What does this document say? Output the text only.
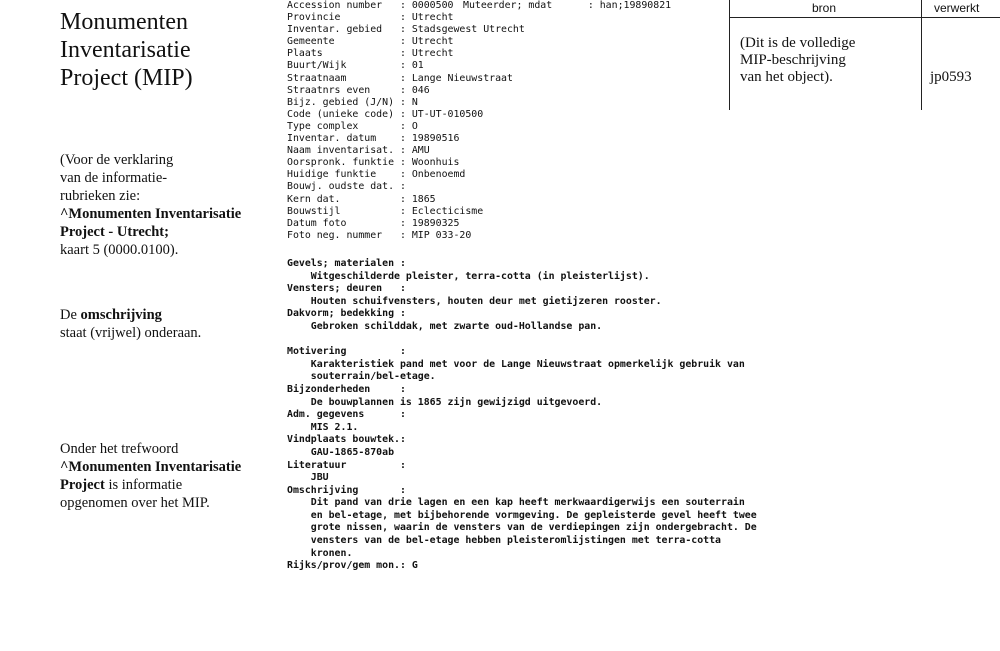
Monumenten
Inventarisatie
Project (MIP)
(Voor de verklaring
van de informatie-
rubrieken zie:
^Monumenten Inventarisatie
Project - Utrecht;
kaart 5 (0000.0100).
De omschrijving
staat (vrijwel) onderaan.
Onder het trefwoord
^Monumenten Inventarisatie
Project is informatie
opgenomen over het MIP.
Accession number   : 0000500
Provincie          : Utrecht
Inventar. gebied   : Stadsgewest Utrecht
Gemeente           : Utrecht
Plaats             : Utrecht
Buurt/Wijk         : 01
Straatnaam         : Lange Nieuwstraat
Straatnrs even     : 046
Bijz. gebied (J/N) : N
Code (unieke code) : UT-UT-010500
Type complex       : O
Inventar. datum    : 19890516
Naam inventarisat. : AMU
Oorspronk. funktie : Woonhuis
Huidige funktie    : Onbenoemd
Bouwj. oudste dat. :
Kern dat.          : 1865
Bouwstijl          : Eclecticisme
Datum foto         : 19890325
Foto neg. nummer   : MIP 033-20
Muteerder; mdat      : han;19890821
Gevels; materialen :
Witgeschilderde pleister, terra-cotta (in pleisterlijst).
Vensters; deuren   :
Houten schuifvensters, houten deur met gietijzeren rooster.
Dakvorm; bedekking :
Gebroken schilddak, met zwarte oud-Hollandse pan.
Motivering         :
Karakteristiek pand met voor de Lange Nieuwstraat opmerkelijk gebruik van
souterrain/bel-etage.
Bijzonderheden     :
De bouwplannen is 1865 zijn gewijzigd uitgevoerd.
Adm. gegevens      :
MIS 2.1.
Vindplaats bouwtek.:
GAU-1865-870ab
Literatuur         :
JBU
Omschrijving       :
Dit pand van drie lagen en een kap heeft merkwaardigerwijs een souterrain
en bel-etage, met bijbehorende vormgeving. De gepleisterde gevel heeft twee
grote nissen, waarin de vensters van de verdiepingen zijn ondergebracht. De
vensters van de bel-etage hebben pleisteromlijstingen met terra-cotta
kronen.
Rijks/prov/gem mon.: G
bron	verwerkt
(Dit is de volledige
MIP-beschrijving
van het object).	jp0593
